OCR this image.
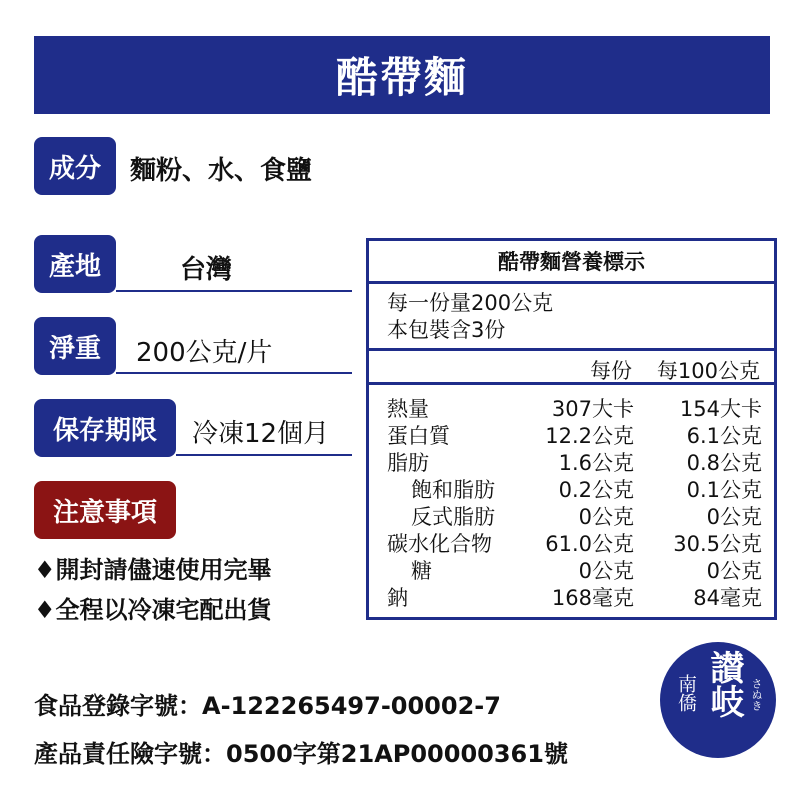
酷帶麵
成分	麵粉、水、食鹽
產地	台灣
淨重	200公克/片
保存期限	冷凍12個月
注意事項
♦開封請儘速使用完畢
♦全程以冷凍宅配出貨
酷帶麵營養標示
每一份量200公克
本包裝含3份
每份 每100公克
熱量	307大卡 154大卡
蛋白質	12.2公克	6.1公克
脂肪	1.6公克	0.8公克
飽和脂肪	0.2公克	0.1公克
反式脂肪	0公克	0公克
碳水化合物	61.0公克 30.5公克
糖	0公克	0公克
鈉	168毫克	84毫克
食品登錄字號：A-122265497-00002-7
產品責任險字號：0500字第21AP00000361號
讃岐
南僑	さぬき
